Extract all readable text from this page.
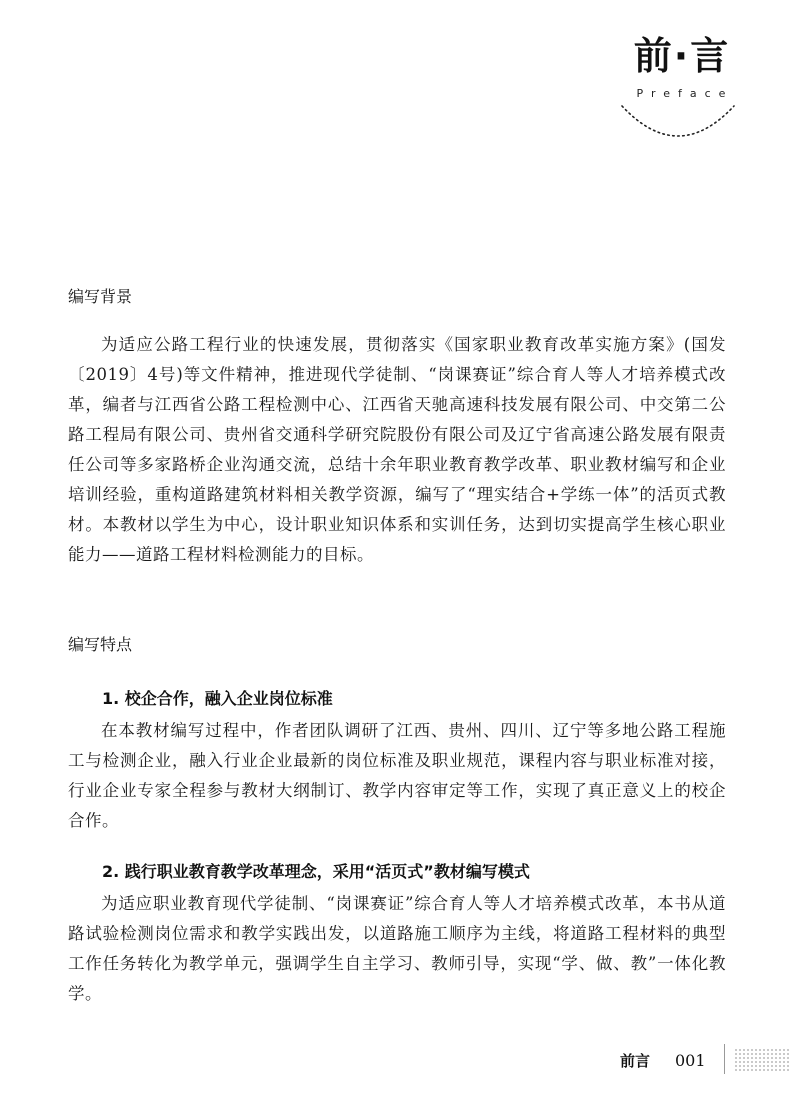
前·言
Preface
编写背景

为适应公路工程行业的快速发展，贯彻落实《国家职业教育改革实施方案》(国发〔2019〕4号)等文件精神，推进现代学徒制、“岗课赛证”综合育人等人才培养模式改革，编者与江西省公路工程检测中心、江西省天驰高速科技发展有限公司、中交第二公路工程局有限公司、贵州省交通科学研究院股份有限公司及辽宁省高速公路发展有限责任公司等多家路桥企业沟通交流，总结十余年职业教育教学改革、职业教材编写和企业培训经验，重构道路建筑材料相关教学资源，编写了“理实结合+学练一体”的活页式教材。本教材以学生为中心，设计职业知识体系和实训任务，达到切实提高学生核心职业能力——道路工程材料检测能力的目标。

编写特点
1. 校企合作，融入企业岗位标准

在本教材编写过程中，作者团队调研了江西、贵州、四川、辽宁等多地公路工程施工与检测企业，融入行业企业最新的岗位标准及职业规范，课程内容与职业标准对接，行业企业专家全程参与教材大纲制订、教学内容审定等工作，实现了真正意义上的校企合作。

2. 践行职业教育教学改革理念，采用“活页式”教材编写模式

为适应职业教育现代学徒制、“岗课赛证”综合育人等人才培养模式改革，本书从道路试验检测岗位需求和教学实践出发，以道路施工顺序为主线，将道路工程材料的典型工作任务转化为教学单元，强调学生自主学习、教师引导，实现“学、做、教”一体化教学。

前言 001
